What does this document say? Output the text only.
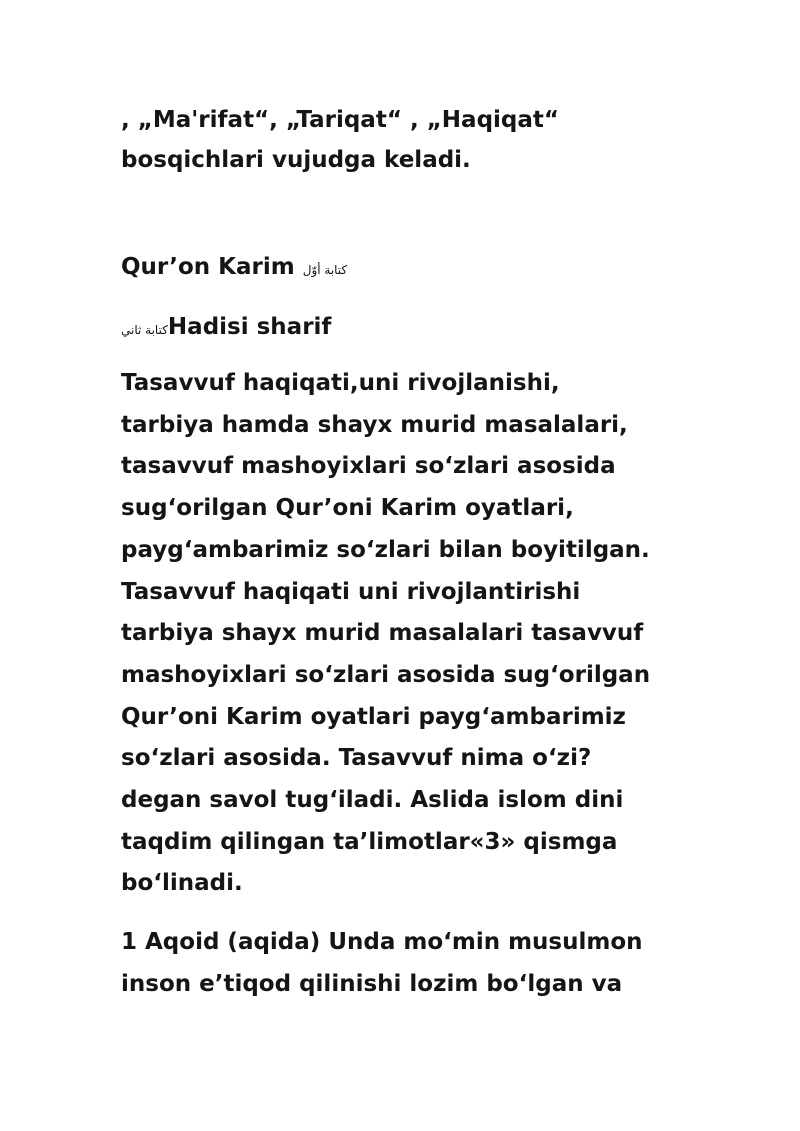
, „Ma'rifat“, „Tariqat“ , „Haqiqat“
bosqichlari vujudga keladi.

Qur’on Karim كتابة أوّل

كتابة ثانيHadisi sharif

Tasavvuf haqiqati,uni rivojlanishi,
tarbiya hamda shayx murid masalalari,
tasavvuf mashoyixlari so‘zlari asosida
sug‘orilgan Qur’oni Karim oyatlari,
payg‘ambarimiz so‘zlari bilan boyitilgan.
Tasavvuf haqiqati uni rivojlantirishi
tarbiya shayx murid masalalari tasavvuf
mashoyixlari so‘zlari asosida sug‘orilgan
Qur’oni Karim oyatlari payg‘ambarimiz
so‘zlari asosida. Tasavvuf nima o‘zi?
degan savol tug‘iladi. Aslida islom dini
taqdim qilingan ta’limotlar«3» qismga
bo‘linadi.

1 Aqoid (aqida) Unda mo‘min musulmon
inson e’tiqod qilinishi lozim bo‘lgan va
